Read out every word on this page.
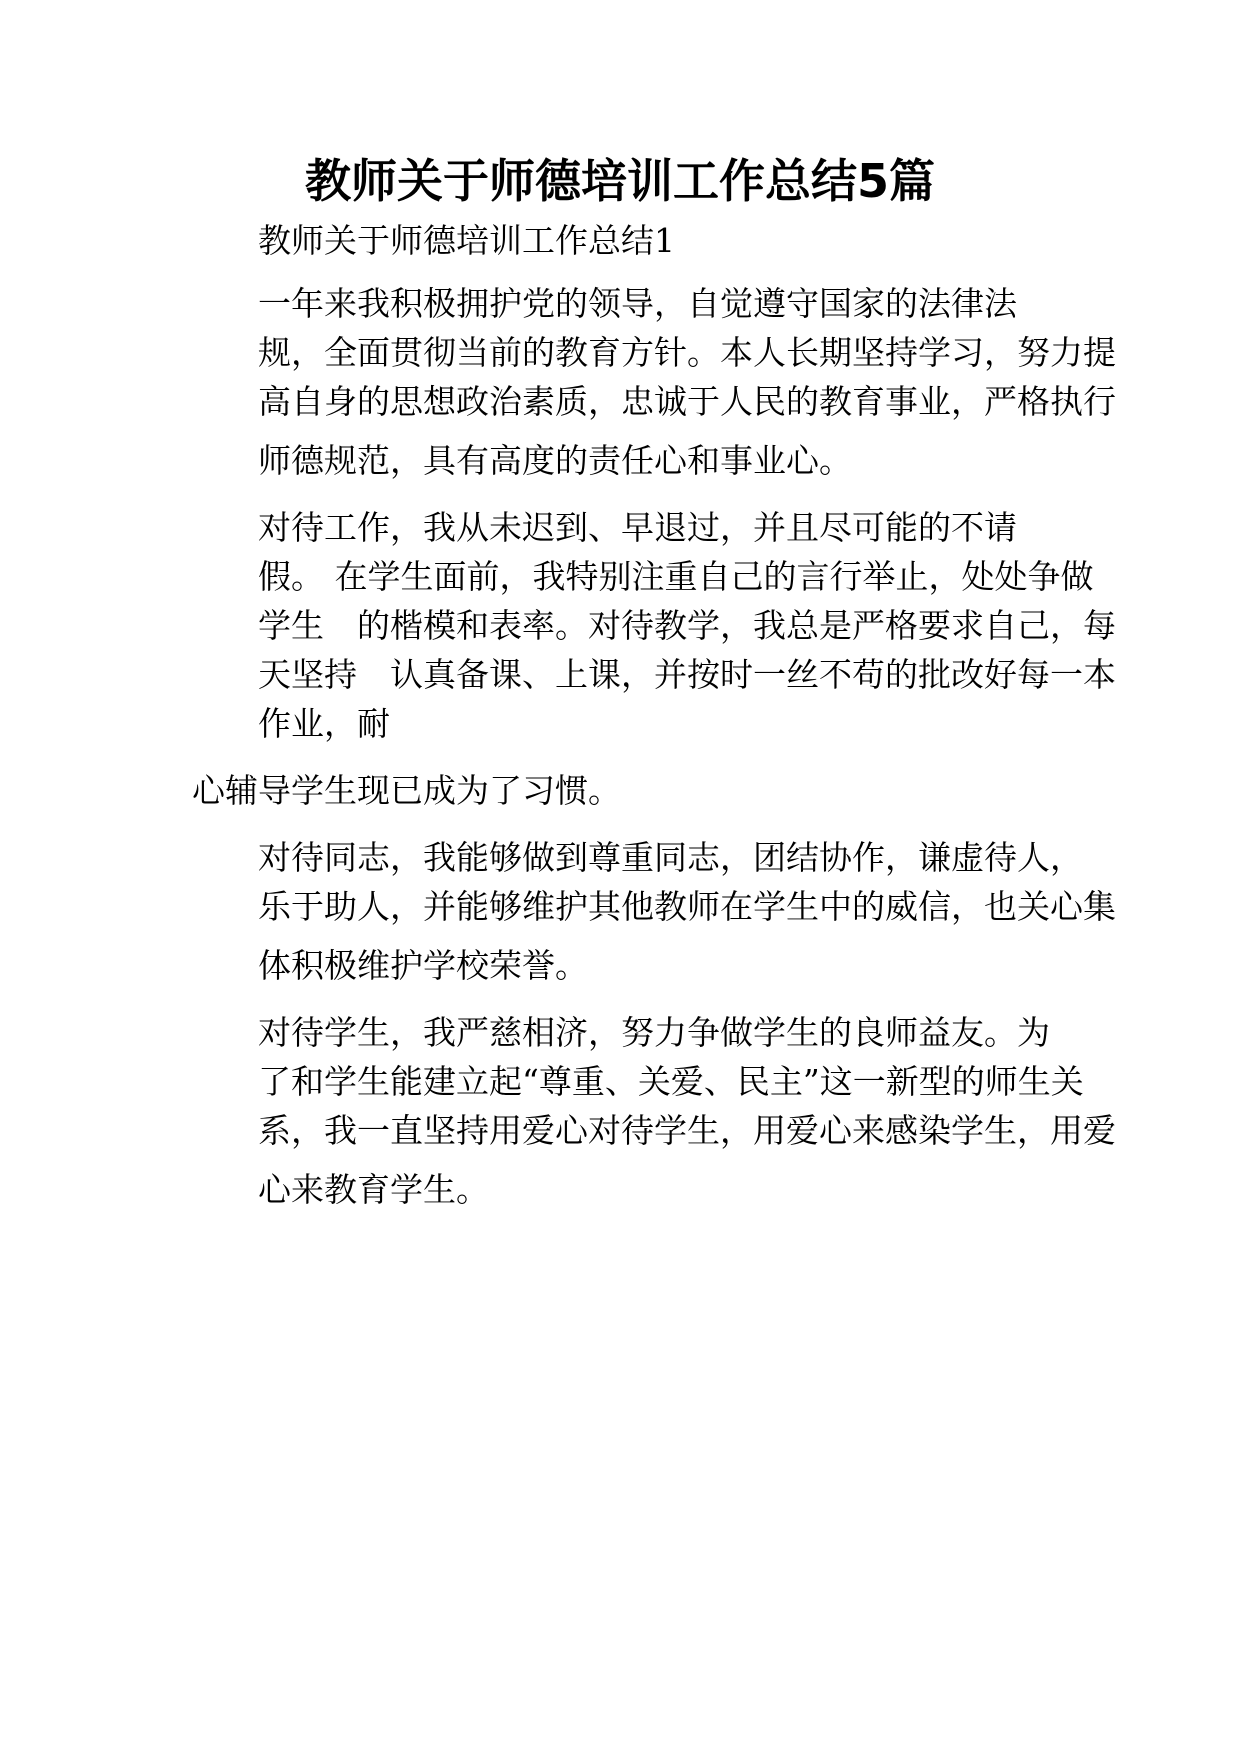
教师关于师德培训工作总结5篇

教师关于师德培训工作总结1

一年来我积极拥护党的领导，自觉遵守国家的法律法
规，全面贯彻当前的教育方针。本人长期坚持学习，努力提
高自身的思想政治素质，忠诚于人民的教育事业，严格执行
师德规范，具有高度的责任心和事业心。

对待工作，我从未迟到、早退过，并且尽可能的不请
假。 在学生面前，我特别注重自己的言行举止，处处争做
学生　的楷模和表率。对待教学，我总是严格要求自己，每
天坚持　认真备课、上课，并按时一丝不苟的批改好每一本
作业，耐

心辅导学生现已成为了习惯。

对待同志，我能够做到尊重同志，团结协作，谦虚待人，
乐于助人，并能够维护其他教师在学生中的威信，也关心集
体积极维护学校荣誉。

对待学生，我严慈相济，努力争做学生的良师益友。为
了和学生能建立起“尊重、关爱、民主”这一新型的师生关
系，我一直坚持用爱心对待学生，用爱心来感染学生，用爱
心来教育学生。
